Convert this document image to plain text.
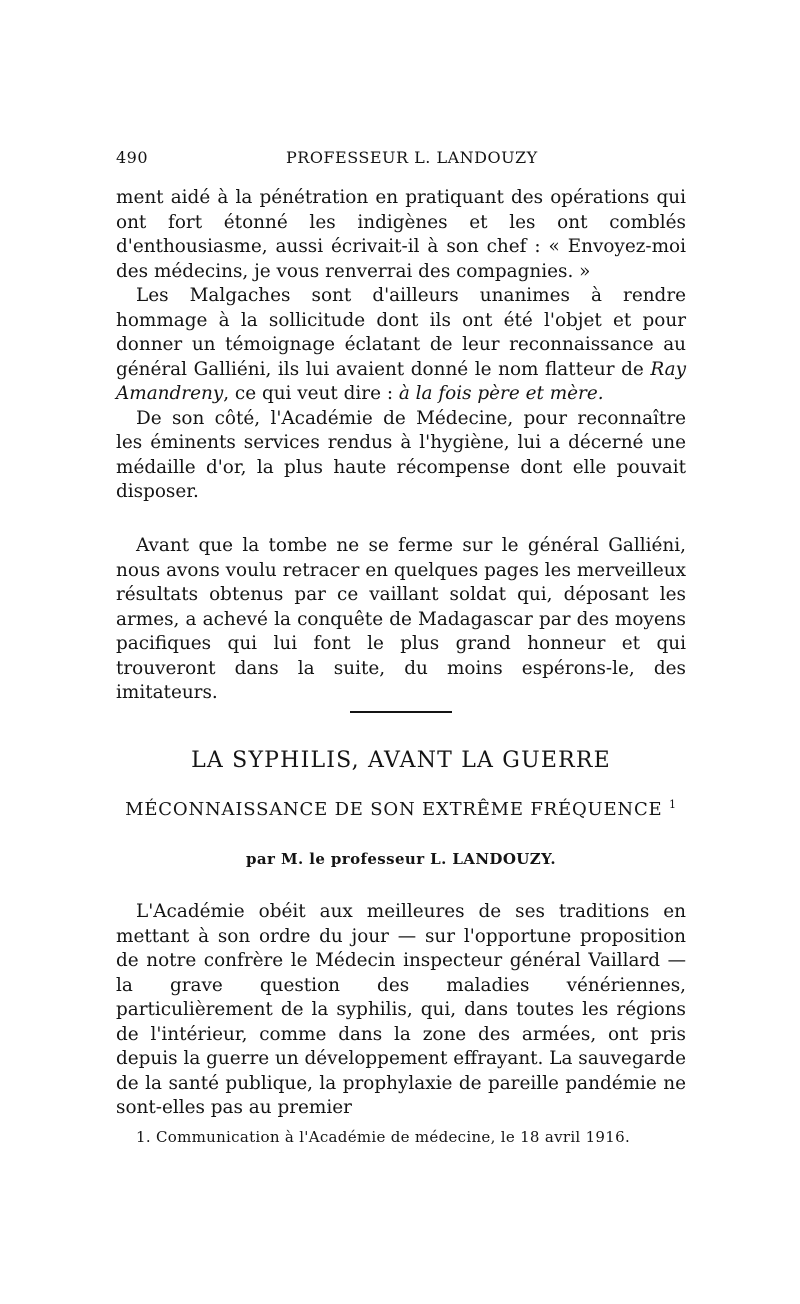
490	PROFESSEUR L. LANDOUZY

ment aidé à la pénétration en pratiquant des opérations qui ont fort étonné les indigènes et les ont comblés d'enthousiasme, aussi écrivait-il à son chef : « Envoyez-moi des médecins, je vous renverrai des compagnies. »

Les Malgaches sont d'ailleurs unanimes à rendre hommage à la sollicitude dont ils ont été l'objet et pour donner un témoignage éclatant de leur reconnaissance au général Galliéni, ils lui avaient donné le nom flatteur de Ray Amandreny, ce qui veut dire : à la fois père et mère.

De son côté, l'Académie de Médecine, pour reconnaître les éminents services rendus à l'hygiène, lui a décerné une médaille d'or, la plus haute récompense dont elle pouvait disposer.

Avant que la tombe ne se ferme sur le général Galliéni, nous avons voulu retracer en quelques pages les merveilleux résultats obtenus par ce vaillant soldat qui, déposant les armes, a achevé la conquête de Madagascar par des moyens pacifiques qui lui font le plus grand honneur et qui trouveront dans la suite, du moins espérons-le, des imitateurs.

LA SYPHILIS, AVANT LA GUERRE
MÉCONNAISSANCE DE SON EXTRÊME FRÉQUENCE $^1$
par M. le professeur L. LANDOUZY.

L'Académie obéit aux meilleures de ses traditions en mettant à son ordre du jour — sur l'opportune proposition de notre confrère le Médecin inspecteur général Vaillard — la grave question des maladies vénériennes, particulièrement de la syphilis, qui, dans toutes les régions de l'intérieur, comme dans la zone des armées, ont pris depuis la guerre un développement effrayant. La sauvegarde de la santé publique, la prophylaxie de pareille pandémie ne sont-elles pas au premier

1. Communication à l'Académie de médecine, le 18 avril 1916.
